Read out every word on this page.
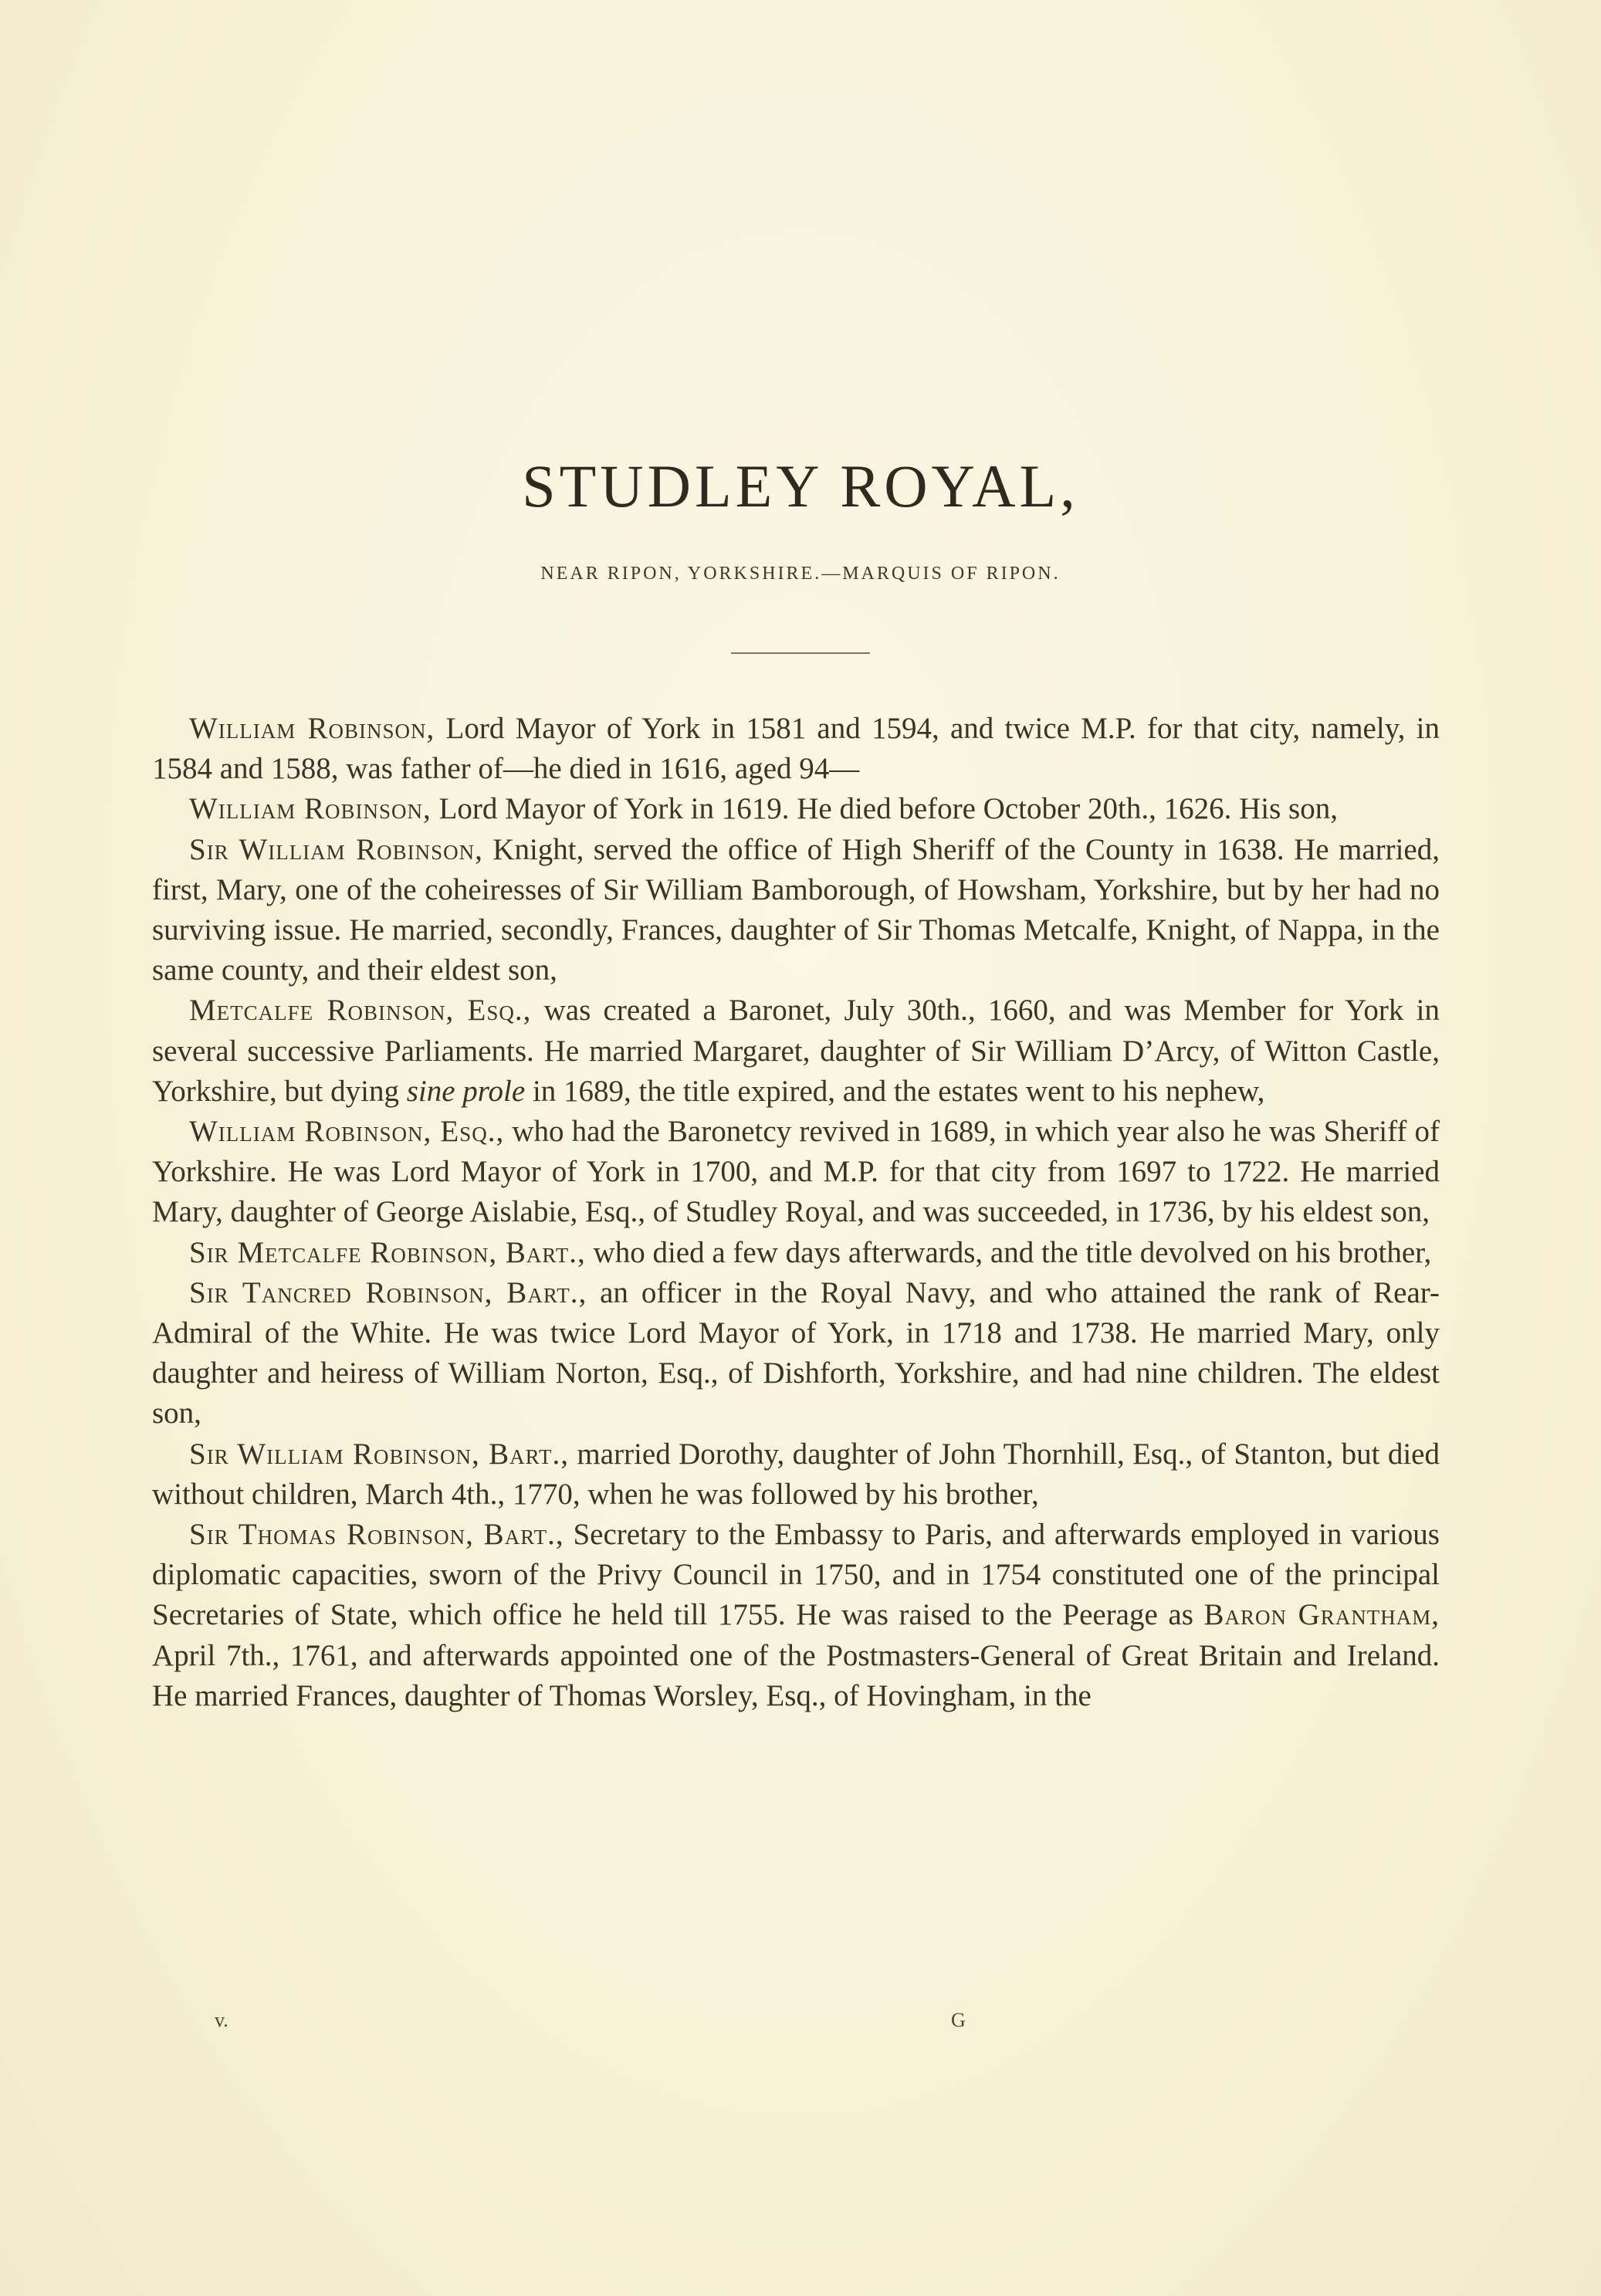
STUDLEY ROYAL,

NEAR RIPON, YORKSHIRE.—MARQUIS OF RIPON.

William Robinson, Lord Mayor of York in 1581 and 1594, and twice M.P. for that city, namely, in 1584 and 1588, was father of—he died in 1616, aged 94—

William Robinson, Lord Mayor of York in 1619. He died before October 20th., 1626. His son,

Sir William Robinson, Knight, served the office of High Sheriff of the County in 1638. He married, first, Mary, one of the coheiresses of Sir William Bamborough, of Howsham, Yorkshire, but by her had no surviving issue. He married, secondly, Frances, daughter of Sir Thomas Metcalfe, Knight, of Nappa, in the same county, and their eldest son,

Metcalfe Robinson, Esq., was created a Baronet, July 30th., 1660, and was Member for York in several successive Parliaments. He married Margaret, daughter of Sir William D’Arcy, of Witton Castle, Yorkshire, but dying sine prole in 1689, the title expired, and the estates went to his nephew,

William Robinson, Esq., who had the Baronetcy revived in 1689, in which year also he was Sheriff of Yorkshire. He was Lord Mayor of York in 1700, and M.P. for that city from 1697 to 1722. He married Mary, daughter of George Aislabie, Esq., of Studley Royal, and was succeeded, in 1736, by his eldest son,

Sir Metcalfe Robinson, Bart., who died a few days afterwards, and the title devolved on his brother,

Sir Tancred Robinson, Bart., an officer in the Royal Navy, and who attained the rank of Rear-Admiral of the White. He was twice Lord Mayor of York, in 1718 and 1738. He married Mary, only daughter and heiress of William Norton, Esq., of Dishforth, Yorkshire, and had nine children. The eldest son,

Sir William Robinson, Bart., married Dorothy, daughter of John Thornhill, Esq., of Stanton, but died without children, March 4th., 1770, when he was followed by his brother,

Sir Thomas Robinson, Bart., Secretary to the Embassy to Paris, and afterwards employed in various diplomatic capacities, sworn of the Privy Council in 1750, and in 1754 constituted one of the principal Secretaries of State, which office he held till 1755. He was raised to the Peerage as Baron Grantham, April 7th., 1761, and afterwards appointed one of the Postmasters-General of Great Britain and Ireland. He married Frances, daughter of Thomas Worsley, Esq., of Hovingham, in the

v.	G
